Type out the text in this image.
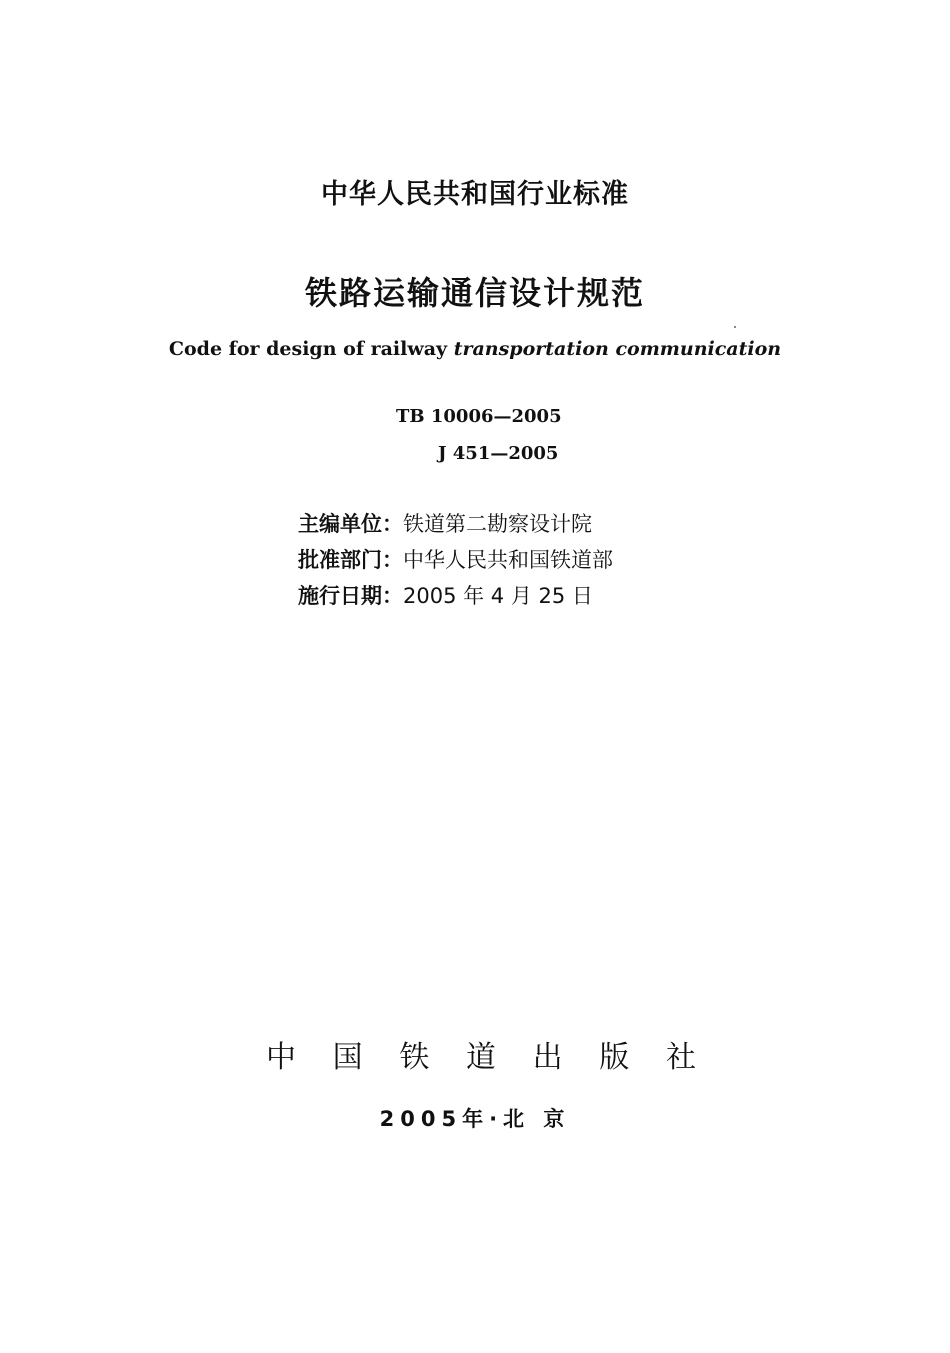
中华人民共和国行业标准
铁路运输通信设计规范
Code for design of railway transportation communication
TB 10006—2005
J 451—2005
主编单位：铁道第二勘察设计院
批准部门：中华人民共和国铁道部
施行日期：2005 年 4 月 25 日
中 国 铁 道 出 版 社
2005年·北 京
